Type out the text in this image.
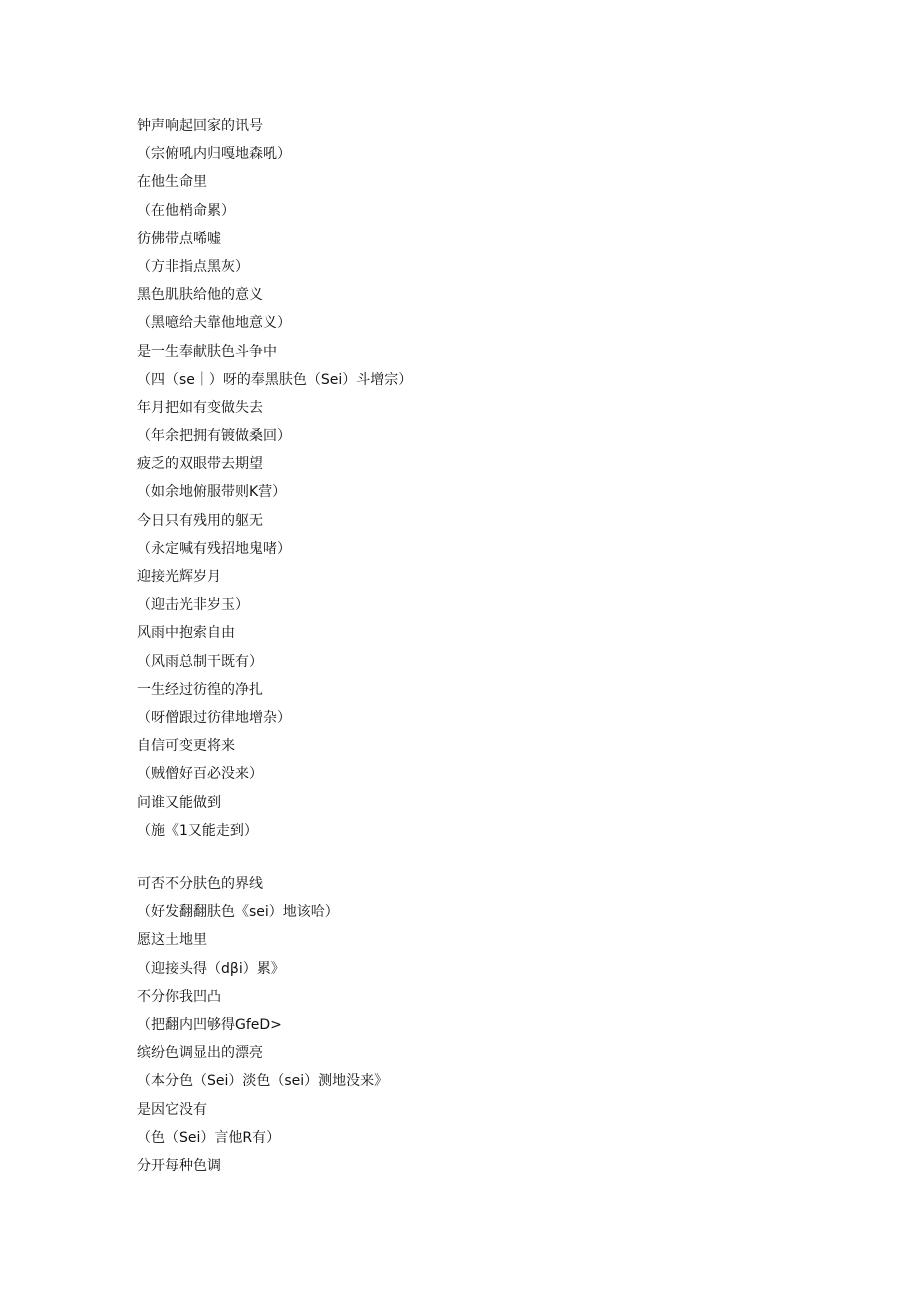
钟声响起回家的讯号
（宗俯吼内归嘎地森吼）
在他生命里
（在他梢命累）
彷佛带点唏嘘
（方非指点黑灰）
黑色肌肤给他的意义
（黑噫给夫靠他地意义）
是一生奉献肤色斗争中
（四（se｜）呀的奉黑肤色（Sei）斗增宗）
年月把如有变做失去
（年余把拥有镀做桑回）
疲乏的双眼带去期望
（如余地俯服带则K营）
今日只有残用的躯无
（永定喊有残招地鬼啫）
迎接光辉岁月
（迎击光非岁玉）
风雨中抱索自由
（风雨总制干既有）
一生经过彷徨的净扎
（呀僧跟过彷律地增杂）
自信可变更将来
（贼僧好百必没来）
问谁又能做到
（施《1又能走到）
可否不分肤色的界线
（好发翻翻肤色《sei）地该哈）
愿这土地里
（迎接头得（dβi）累》
不分你我凹凸
（把翻内凹够得GfeD>
缤纷色调显出的漂亮
（本分色（Sei）淡色（sei）测地没来》
是因它没有
（色（Sei）言他R有）
分开每种色调
